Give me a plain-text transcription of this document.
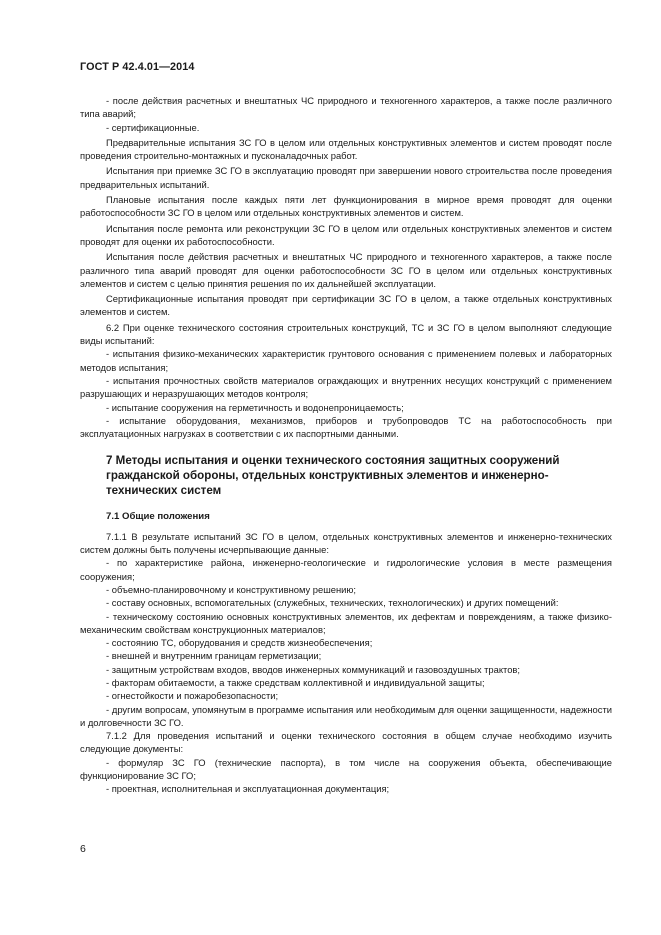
ГОСТ Р 42.4.01—2014

- после действия расчетных и внештатных ЧС природного и техногенного характеров, а также после различного типа аварий;

- сертификационные.

Предварительные испытания ЗС ГО в целом или отдельных конструктивных элементов и систем проводят после проведения строительно-монтажных и пусконаладочных работ.

Испытания при приемке ЗС ГО в эксплуатацию проводят при завершении нового строительства после проведения предварительных испытаний.

Плановые испытания после каждых пяти лет функционирования в мирное время проводят для оценки работоспособности ЗС ГО в целом или отдельных конструктивных элементов и систем.

Испытания после ремонта или реконструкции ЗС ГО в целом или отдельных конструктивных элементов и систем проводят для оценки их работоспособности.

Испытания после действия расчетных и внештатных ЧС природного и техногенного характеров, а также после различного типа аварий проводят для оценки работоспособности ЗС ГО в целом или отдельных конструктивных элементов и систем с целью принятия решения по их дальнейшей эксплуатации.

Сертификационные испытания проводят при сертификации ЗС ГО в целом, а также отдельных конструктивных элементов и систем.

6.2 При оценке технического состояния строительных конструкций, ТС и ЗС ГО в целом выполняют следующие виды испытаний:

- испытания физико-механических характеристик грунтового основания с применением полевых и лабораторных методов испытания;

- испытания прочностных свойств материалов ограждающих и внутренних несущих конструкций с применением разрушающих и неразрушающих методов контроля;

- испытание сооружения на герметичность и водонепроницаемость;

- испытание оборудования, механизмов, приборов и трубопроводов ТС на работоспособность при эксплуатационных нагрузках в соответствии с их паспортными данными.

7 Методы испытания и оценки технического состояния защитных сооружений гражданской обороны, отдельных конструктивных элементов и инженерно-технических систем
7.1 Общие положения

7.1.1 В результате испытаний ЗС ГО в целом, отдельных конструктивных элементов и инженерно-технических систем должны быть получены исчерпывающие данные:

- по характеристике района, инженерно-геологические и гидрологические условия в месте размещения сооружения;

- объемно-планировочному и конструктивному решению;

- составу основных, вспомогательных (служебных, технических, технологических) и других помещений:

- техническому состоянию основных конструктивных элементов, их дефектам и повреждениям, а также физико-механическим свойствам конструкционных материалов;

- состоянию ТС, оборудования и средств жизнеобеспечения;

- внешней и внутренним границам герметизации;

- защитным устройствам входов, вводов инженерных коммуникаций и газовоздушных трактов;

- факторам обитаемости, а также средствам коллективной и индивидуальной защиты;

- огнестойкости и пожаробезопасности;

- другим вопросам, упомянутым в программе испытания или необходимым для оценки защищенности, надежности и долговечности ЗС ГО.

7.1.2 Для проведения испытаний и оценки технического состояния в общем случае необходимо изучить следующие документы:

- формуляр ЗС ГО (технические паспорта), в том числе на сооружения объекта, обеспечивающие функционирование ЗС ГО;

- проектная, исполнительная и эксплуатационная документация;

6
